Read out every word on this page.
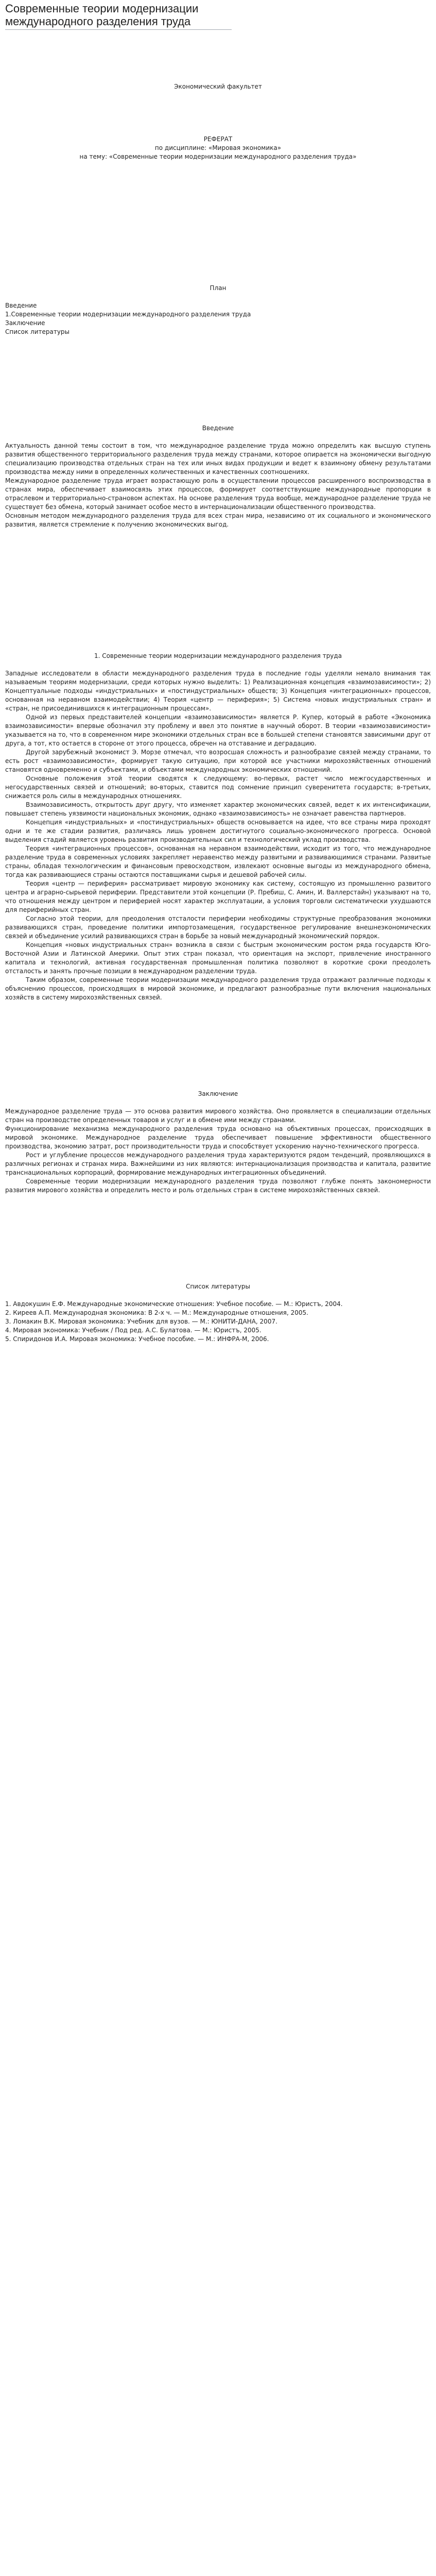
Современные теории модернизации международного разделения труда

Экономический факультет

РЕФЕРАТ

по дисциплине: «Мировая экономика»

на тему: «Современные теории модернизации международного разделения труда»

План

Введение

1.Современные теории модернизации международного разделения труда

Заключение

Список литературы

Введение

Актуальность данной темы состоит в том, что международное разделение труда можно определить как высшую ступень развития общественного территориального разделения труда между странами, которое опирается на экономически выгодную специализацию производства отдельных стран на тех или иных видах продукции и ведет к взаимному обмену результатами производства между ними в определенных количественных и качественных соотношениях.

Международное разделение труда играет возрастающую роль в осуществлении процессов расширенного воспроизводства в странах мира, обеспечивает взаимосвязь этих процессов, формирует соответствующие международные пропорции в отраслевом и территориально-страновом аспектах. На основе разделения труда вообще, международное разделение труда не существует без обмена, который занимает особое место в интернационализации общественного производства.

Основным методом международного разделения труда для всех стран мира, независимо от их социального и экономического развития, является стремление к получению экономических выгод.

1. Современные теории модернизации международного разделения труда

Западные исследователи в области международного разделения труда в последние годы уделяли немало внимания так называемым теориям модернизации, среди которых нужно выделить: 1) Реализационная концепция «взаимозависимости»; 2) Концептуальные подходы «индустриальных» и «постиндустриальных» обществ; 3) Концепция «интеграционных» процессов, основанная на неравном взаимодействии; 4) Теория «центр — периферия»; 5) Система «новых индустриальных стран» и «стран, не присоединившихся к интеграционным процессам».

Одной из первых представителей концепции «взаимозависимости» является Р. Купер, который в работе «Экономика взаимозависимости» впервые обозначил эту проблему и ввел это понятие в научный оборот. В теории «взаимозависимости» указывается на то, что в современном мире экономики отдельных стран все в большей степени становятся зависимыми друг от друга, а тот, кто остается в стороне от этого процесса, обречен на отставание и деградацию.

Другой зарубежный экономист Э. Морзе отмечал, что возросшая сложность и разнообразие связей между странами, то есть рост «взаимозависимости», формирует такую ситуацию, при которой все участники мирохозяйственных отношений становятся одновременно и субъектами, и объектами международных экономических отношений.

Основные положения этой теории сводятся к следующему: во-первых, растет число межгосударственных и негосударственных связей и отношений; во-вторых, ставится под сомнение принцип суверенитета государств; в-третьих, снижается роль силы в международных отношениях.

Взаимозависимость, открытость друг другу, что изменяет характер экономических связей, ведет к их интенсификации, повышает степень уязвимости национальных экономик, однако «взаимозависимость» не означает равенства партнеров.

Концепция «индустриальных» и «постиндустриальных» обществ основывается на идее, что все страны мира проходят одни и те же стадии развития, различаясь лишь уровнем достигнутого социально-экономического прогресса. Основой выделения стадий является уровень развития производительных сил и технологический уклад производства.

Теория «интеграционных процессов», основанная на неравном взаимодействии, исходит из того, что международное разделение труда в современных условиях закрепляет неравенство между развитыми и развивающимися странами. Развитые страны, обладая технологическим и финансовым превосходством, извлекают основные выгоды из международного обмена, тогда как развивающиеся страны остаются поставщиками сырья и дешевой рабочей силы.

Теория «центр — периферия» рассматривает мировую экономику как систему, состоящую из промышленно развитого центра и аграрно-сырьевой периферии. Представители этой концепции (Р. Пребиш, С. Амин, И. Валлерстайн) указывают на то, что отношения между центром и периферией носят характер эксплуатации, а условия торговли систематически ухудшаются для периферийных стран.

Согласно этой теории, для преодоления отсталости периферии необходимы структурные преобразования экономики развивающихся стран, проведение политики импортозамещения, государственное регулирование внешнеэкономических связей и объединение усилий развивающихся стран в борьбе за новый международный экономический порядок.

Концепция «новых индустриальных стран» возникла в связи с быстрым экономическим ростом ряда государств Юго-Восточной Азии и Латинской Америки. Опыт этих стран показал, что ориентация на экспорт, привлечение иностранного капитала и технологий, активная государственная промышленная политика позволяют в короткие сроки преодолеть отсталость и занять прочные позиции в международном разделении труда.

Таким образом, современные теории модернизации международного разделения труда отражают различные подходы к объяснению процессов, происходящих в мировой экономике, и предлагают разнообразные пути включения национальных хозяйств в систему мирохозяйственных связей.

Заключение

Международное разделение труда — это основа развития мирового хозяйства. Оно проявляется в специализации отдельных стран на производстве определенных товаров и услуг и в обмене ими между странами.

Функционирование механизма международного разделения труда основано на объективных процессах, происходящих в мировой экономике. Международное разделение труда обеспечивает повышение эффективности общественного производства, экономию затрат, рост производительности труда и способствует ускорению научно-технического прогресса.

Рост и углубление процессов международного разделения труда характеризуются рядом тенденций, проявляющихся в различных регионах и странах мира. Важнейшими из них являются: интернационализация производства и капитала, развитие транснациональных корпораций, формирование международных интеграционных объединений.

Современные теории модернизации международного разделения труда позволяют глубже понять закономерности развития мирового хозяйства и определить место и роль отдельных стран в системе мирохозяйственных связей.

Список литературы

1. Авдокушин Е.Ф. Международные экономические отношения: Учебное пособие. — М.: Юристъ, 2004.

2. Киреев А.П. Международная экономика: В 2-х ч. — М.: Международные отношения, 2005.

3. Ломакин В.К. Мировая экономика: Учебник для вузов. — М.: ЮНИТИ-ДАНА, 2007.

4. Мировая экономика: Учебник / Под ред. А.С. Булатова. — М.: Юристъ, 2005.

5. Спиридонов И.А. Мировая экономика: Учебное пособие. — М.: ИНФРА-М, 2006.
